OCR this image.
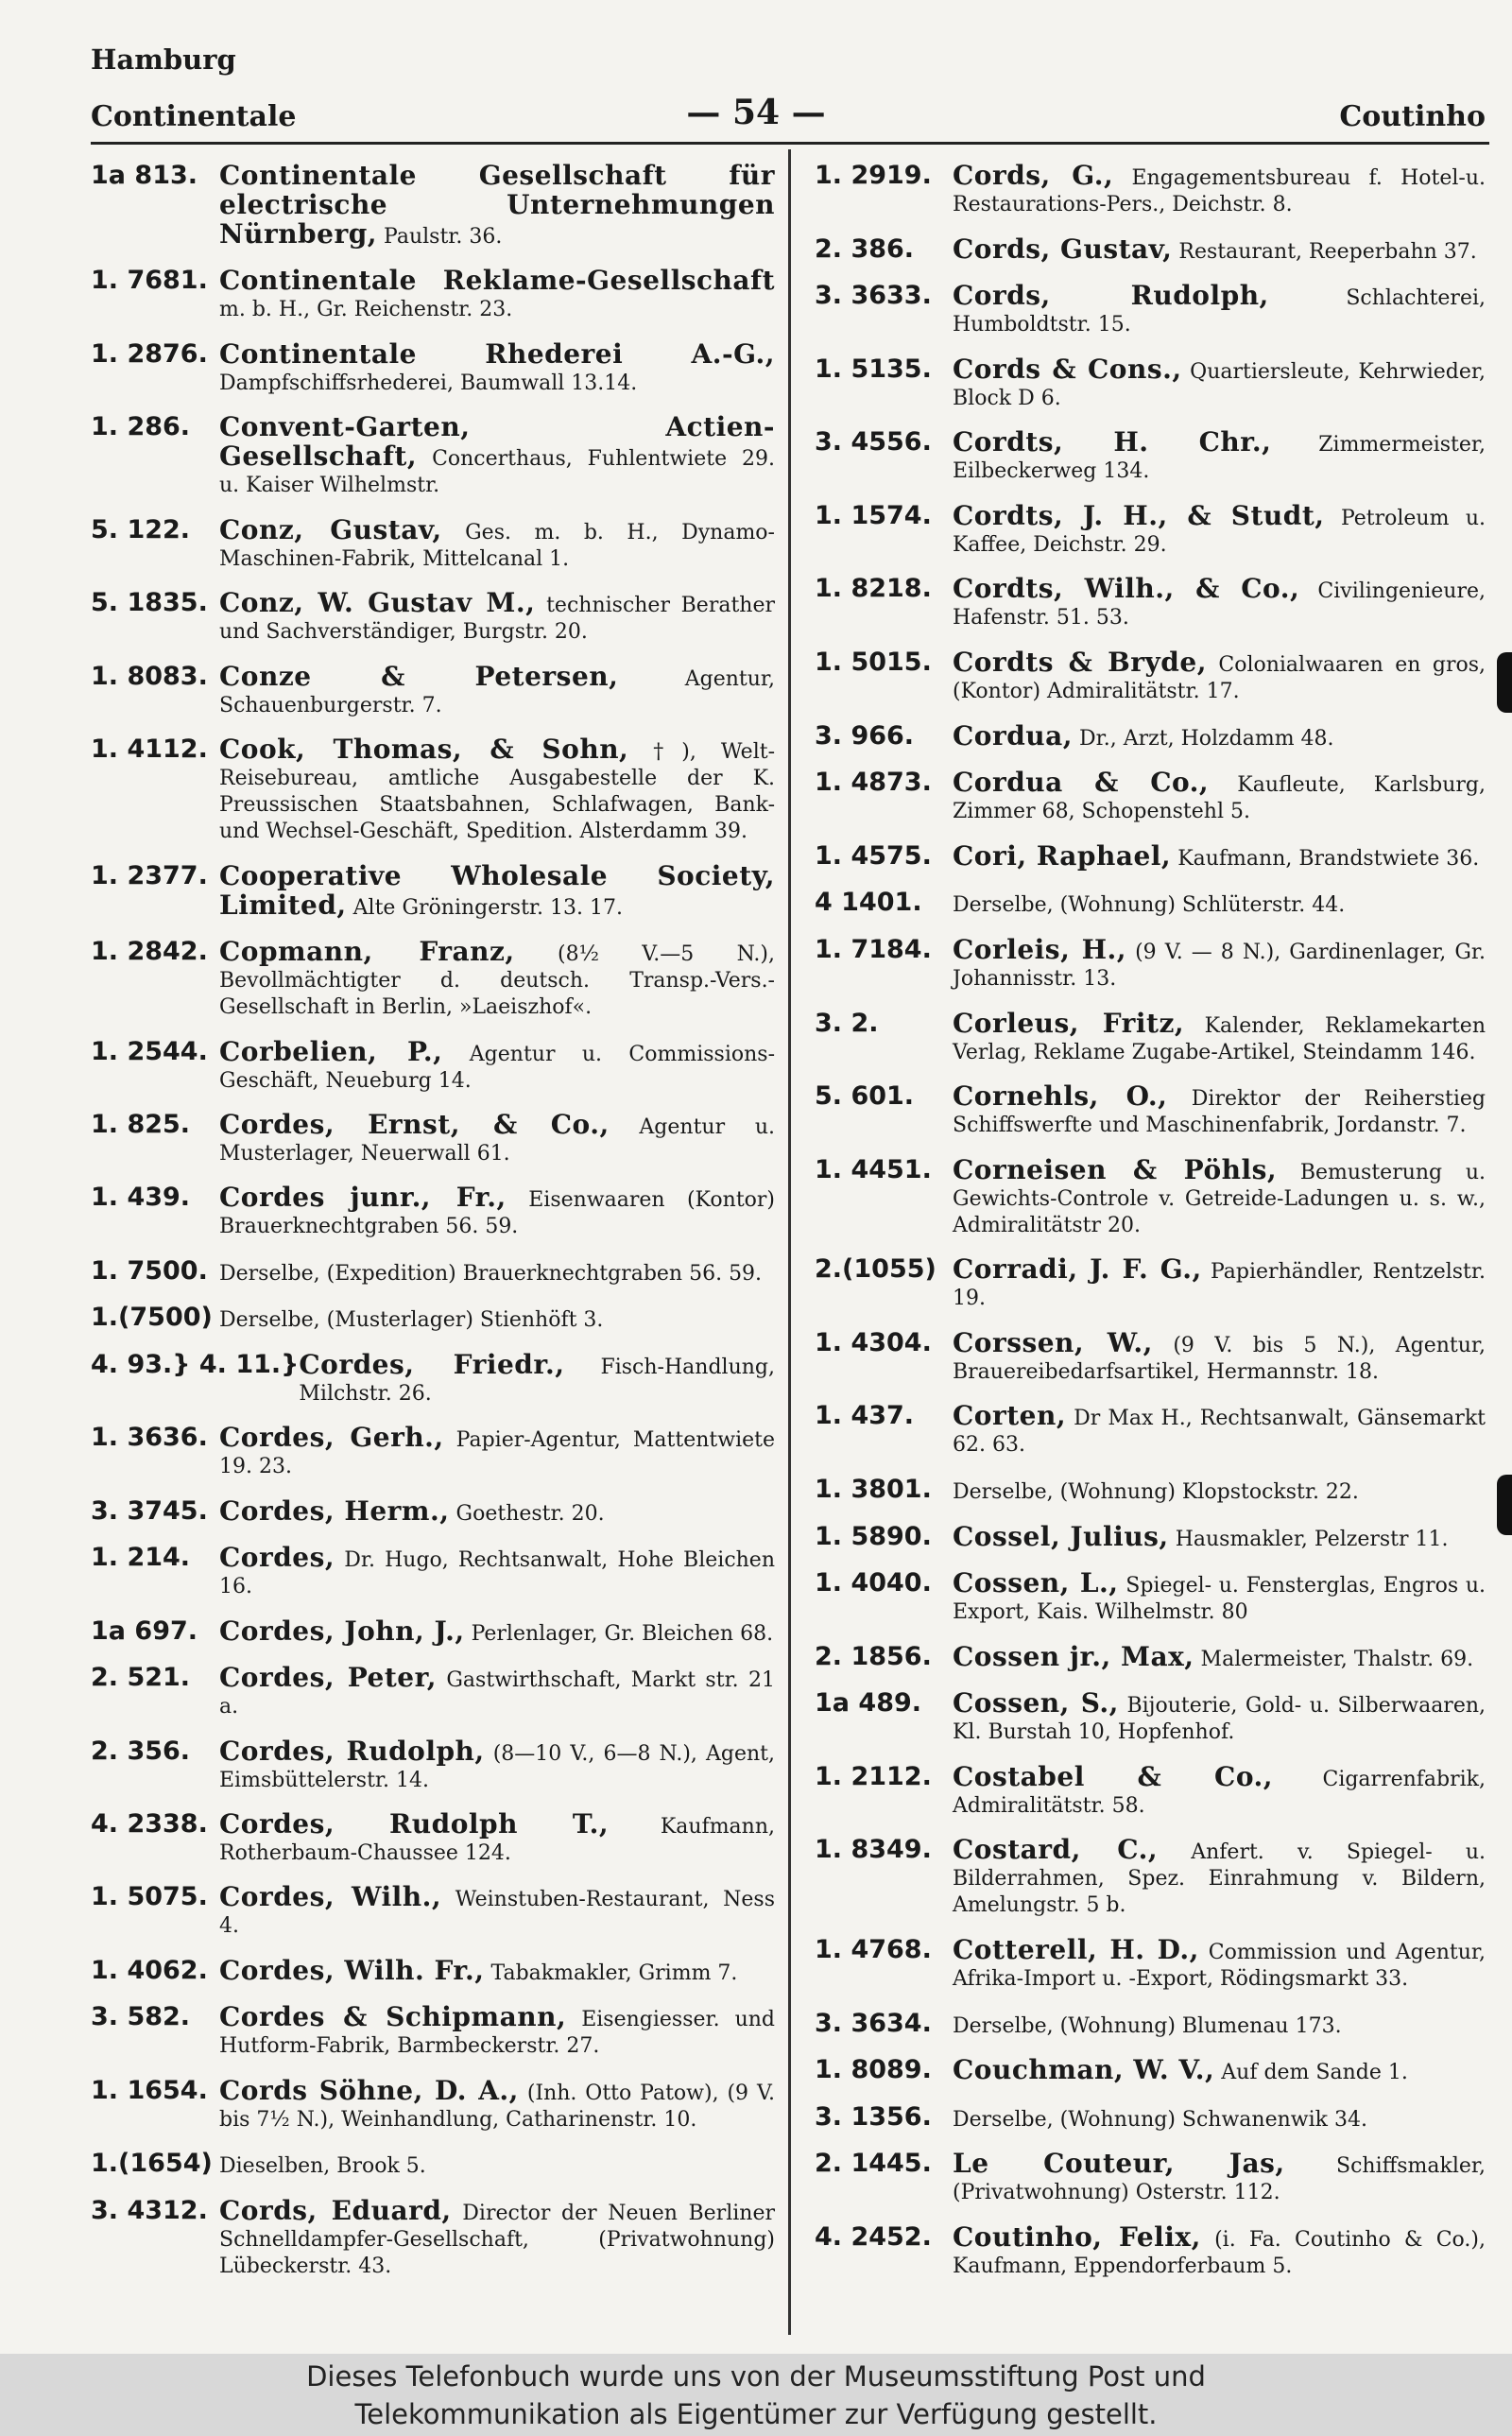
Hamburg
Continentale	— 54 —	Coutinho
1a 813. Continentale Gesellschaft für electrische Unternehmungen Nürnberg, Paulstr. 36.
1. 7681. Continentale Reklame-Gesellschaft m. b. H., Gr. Reichenstr. 23.
1. 2876. Continentale Rhederei A.-G., Dampfschiffsrhederei, Baumwall 13.14.
1. 286.	Convent-Garten, Actien-Gesellschaft, Concerthaus, Fuhlentwiete 29. u. Kaiser Wilhelmstr.
5. 122.	Conz, Gustav, Ges. m. b. H., Dynamo-Maschinen-Fabrik, Mittelcanal 1.
5. 1835. Conz, W. Gustav M., technischer Berather und Sachverständiger, Burgstr. 20.
1. 8083. Conze & Petersen,	Agentur, Schauenburgerstr. 7.
1. 4112. Cook, Thomas, & Sohn, †), Welt-Reisebureau, amtliche Ausgabestelle der K. Preussischen Staatsbahnen, Schlafwagen, Bank- und Wechsel-Geschäft, Spedition. Alsterdamm 39.
1. 2377. Cooperative Wholesale Society, Limited, Alte Gröningerstr. 13. 17.
1. 2842. Copmann, Franz, (8½ V.—5 N.), Bevollmächtigter d. deutsch. Transp.-Vers.-Gesellschaft in Berlin, »Laeiszhof«.
1. 2544. Corbelien, P., Agentur u. Commissions-Geschäft, Neueburg 14.
1. 825.	Cordes, Ernst, & Co., Agentur u. Musterlager, Neuerwall 61.
1. 439.	Cordes junr., Fr., Eisenwaaren (Kontor) Brauerknechtgraben 56. 59.
1. 7500. Derselbe, (Expedition) Brauerknechtgraben 56. 59.
1.(7500) Derselbe, (Musterlager) Stienhöft 3.
4. 93.} 4. 11.} Cordes, Friedr., Fisch-Handlung, Milchstr. 26.
1. 3636. Cordes, Gerh., Papier-Agentur, Mattentwiete 19. 23.
3. 3745. Cordes, Herm., Goethestr. 20.
1. 214.	Cordes, Dr. Hugo, Rechtsanwalt, Hohe Bleichen 16.
1a 697. Cordes, John, J., Perlenlager, Gr. Bleichen 68.
2. 521.	Cordes, Peter, Gastwirthschaft, Markt str. 21 a.
2. 356.	Cordes, Rudolph, (8—10 V., 6—8 N.), Agent, Eimsbüttelerstr. 14.
4. 2338. Cordes, Rudolph T., Kaufmann, Rotherbaum-Chaussee 124.
1. 5075. Cordes, Wilh., Weinstuben-Restaurant, Ness 4.
1. 4062. Cordes, Wilh. Fr., Tabakmakler, Grimm 7.
3. 582.	Cordes & Schipmann, Eisengiesser. und Hutform-Fabrik, Barmbeckerstr. 27.
1. 1654. Cords Söhne, D. A., (Inh. Otto Patow), (9 V. bis 7½ N.), Weinhandlung, Catharinenstr. 10.
1.(1654) Dieselben, Brook 5.
3. 4312. Cords, Eduard, Director der Neuen Berliner Schnelldampfer-Gesellschaft, (Privatwohnung) Lübeckerstr. 43.
1. 2919. Cords, G., Engagementsbureau f. Hotel-u. Restaurations-Pers., Deichstr. 8.
2. 386.	Cords, Gustav, Restaurant, Reeperbahn 37.
3. 3633. Cords, Rudolph,	Schlachterei, Humboldtstr. 15.
1. 5135. Cords & Cons., Quartiersleute, Kehrwieder, Block D 6.
3. 4556. Cordts, H. Chr., Zimmermeister, Eilbeckerweg 134.
1. 1574. Cordts, J. H., & Studt, Petroleum u. Kaffee, Deichstr. 29.
1. 8218. Cordts, Wilh., & Co., Civilingenieure, Hafenstr. 51. 53.
1. 5015. Cordts & Bryde, Colonialwaaren en gros, (Kontor) Admiralitätstr. 17.
3. 966.	Cordua, Dr., Arzt, Holzdamm 48.
1. 4873. Cordua & Co., Kaufleute, Karlsburg, Zimmer 68, Schopenstehl 5.
1. 4575. Cori, Raphael, Kaufmann, Brandstwiete 36.
4 1401.	Derselbe, (Wohnung) Schlüterstr. 44.
1. 7184. Corleis, H., (9 V. — 8 N.), Gardinenlager, Gr. Johannisstr. 13.
3. 2.	Corleus, Fritz, Kalender, Reklamekarten Verlag, Reklame Zugabe-Artikel, Steindamm 146.
5. 601.	Cornehls, O., Direktor der Reiherstieg Schiffswerfte und Maschinenfabrik, Jordanstr. 7.
1. 4451. Corneisen & Pöhls, Bemusterung u. Gewichts-Controle v. Getreide-Ladungen u. s. w., Admiralitätstr 20.
2.(1055) Corradi, J. F. G., Papierhändler, Rentzelstr. 19.
1. 4304. Corssen, W., (9 V. bis 5 N.), Agentur, Brauereibedarfsartikel, Hermannstr. 18.
1. 437.	Corten, Dr Max H., Rechtsanwalt, Gänsemarkt 62. 63.
1. 3801.	Derselbe, (Wohnung) Klopstockstr. 22.
1. 5890. Cossel, Julius, Hausmakler, Pelzerstr 11.
1. 4040. Cossen, L., Spiegel- u. Fensterglas, Engros u. Export, Kais. Wilhelmstr. 80
2. 1856. Cossen jr., Max, Malermeister, Thalstr. 69.
1a 489.	Cossen, S., Bijouterie, Gold- u. Silberwaaren, Kl. Burstah 10, Hopfenhof.
1. 2112. Costabel & Co., Cigarrenfabrik, Admiralitätstr. 58.
1. 8349. Costard, C., Anfert. v. Spiegel- u. Bilderrahmen, Spez. Einrahmung v. Bildern, Amelungstr. 5 b.
1. 4768. Cotterell, H. D., Commission und Agentur, Afrika-Import u. -Export, Rödingsmarkt 33.
3. 3634.	Derselbe, (Wohnung) Blumenau 173.
1. 8089. Couchman, W. V., Auf dem Sande 1.
3. 1356.	Derselbe, (Wohnung) Schwanenwik 34.
2. 1445. Le Couteur, Jas, Schiffsmakler, (Privatwohnung) Osterstr. 112.
4. 2452. Coutinho, Felix, (i. Fa. Coutinho & Co.), Kaufmann, Eppendorferbaum 5.
Dieses Telefonbuch wurde uns von der Museumsstiftung Post und
Telekommunikation als Eigentümer zur Verfügung gestellt.
